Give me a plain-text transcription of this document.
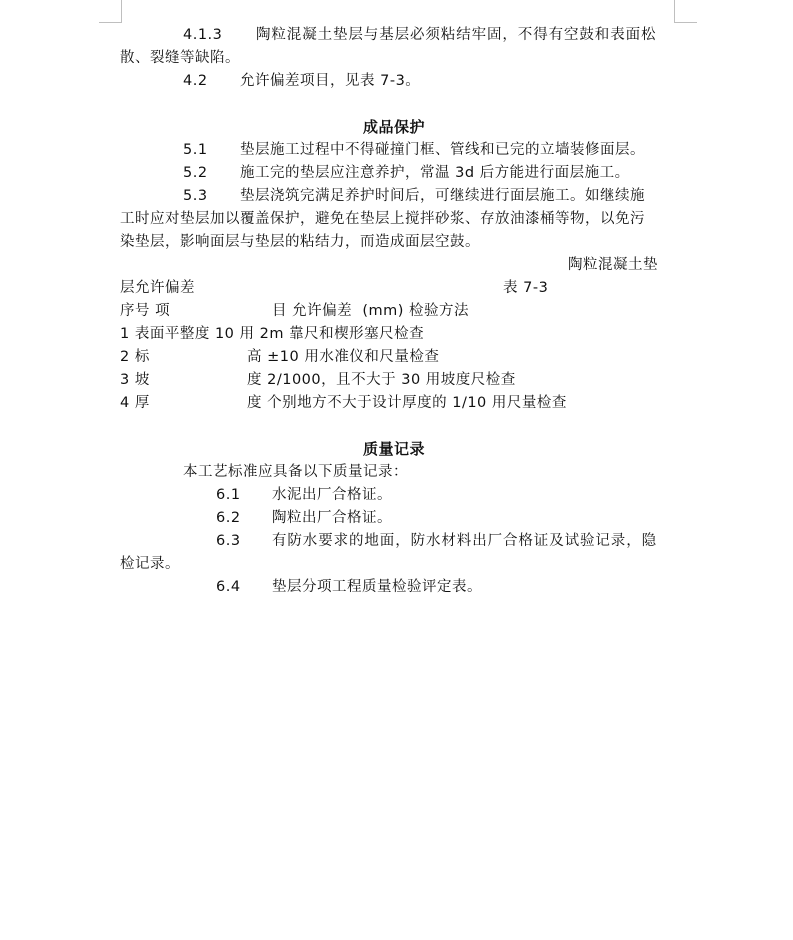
4.1.3 陶粒混凝土垫层与基层必须粘结牢固，不得有空鼓和表面松
散、裂缝等缺陷。
4.2 允许偏差项目，见表 7-3。
成品保护
5.1 垫层施工过程中不得碰撞门框、管线和已完的立墙装修面层。
5.2 施工完的垫层应注意养护，常温 3d 后方能进行面层施工。
5.3 垫层浇筑完满足养护时间后，可继续进行面层施工。如继续施
工时应对垫层加以覆盖保护，避免在垫层上搅拌砂浆、存放油漆桶等物，以免污
染垫层，影响面层与垫层的粘结力，而造成面层空鼓。
陶粒混凝土垫
层允许偏差	表 7-3
序号 项	目 允许偏差  (mm) 检验方法
1 表面平整度 10 用 2m 靠尺和楔形塞尺检查
2 标	高 ±10 用水准仪和尺量检查
3 坡	度 2/1000，且不大于 30 用坡度尺检查
4 厚	度 个别地方不大于设计厚度的 1/10 用尺量检查
质量记录
本工艺标准应具备以下质量记录：
6.1 水泥出厂合格证。
6.2 陶粒出厂合格证。
6.3 有防水要求的地面，防水材料出厂合格证及试验记录，隐
检记录。
6.4 垫层分项工程质量检验评定表。
